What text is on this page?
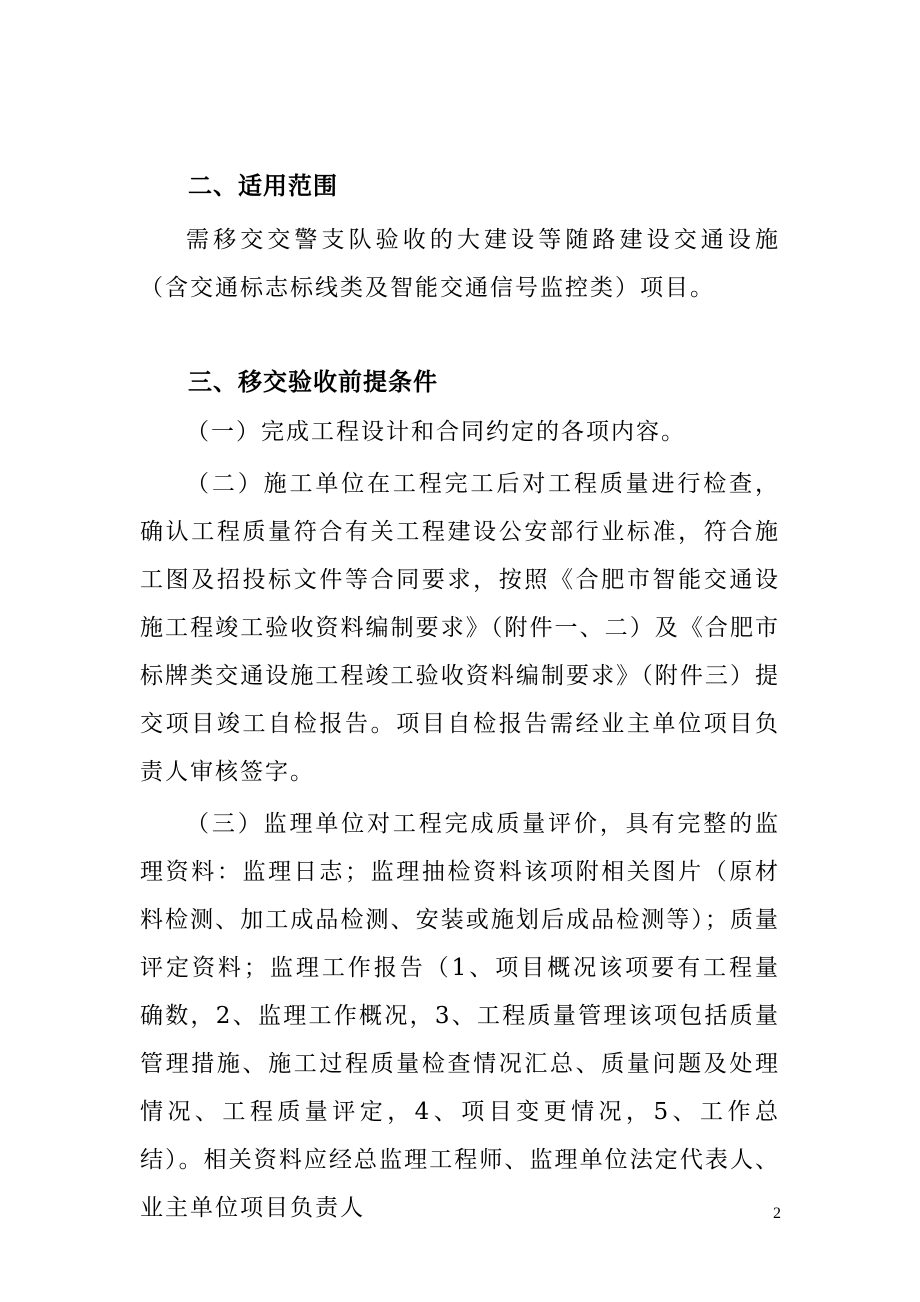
二、适用范围

需移交交警支队验收的大建设等随路建设交通设施（含交通标志标线类及智能交通信号监控类）项目。

三、移交验收前提条件

（一）完成工程设计和合同约定的各项内容。

（二）施工单位在工程完工后对工程质量进行检查，确认工程质量符合有关工程建设公安部行业标准，符合施工图及招投标文件等合同要求，按照《合肥市智能交通设施工程竣工验收资料编制要求》（附件一、二）及《合肥市标牌类交通设施工程竣工验收资料编制要求》（附件三）提交项目竣工自检报告。项目自检报告需经业主单位项目负责人审核签字。

（三）监理单位对工程完成质量评价，具有完整的监理资料：监理日志；监理抽检资料该项附相关图片（原材料检测、加工成品检测、安装或施划后成品检测等）；质量评定资料；监理工作报告（1、项目概况该项要有工程量确数，2、监理工作概况，3、工程质量管理该项包括质量管理措施、施工过程质量检查情况汇总、质量问题及处理情况、工程质量评定，4、项目变更情况，5、工作总结）。相关资料应经总监理工程师、监理单位法定代表人、业主单位项目负责人	2
